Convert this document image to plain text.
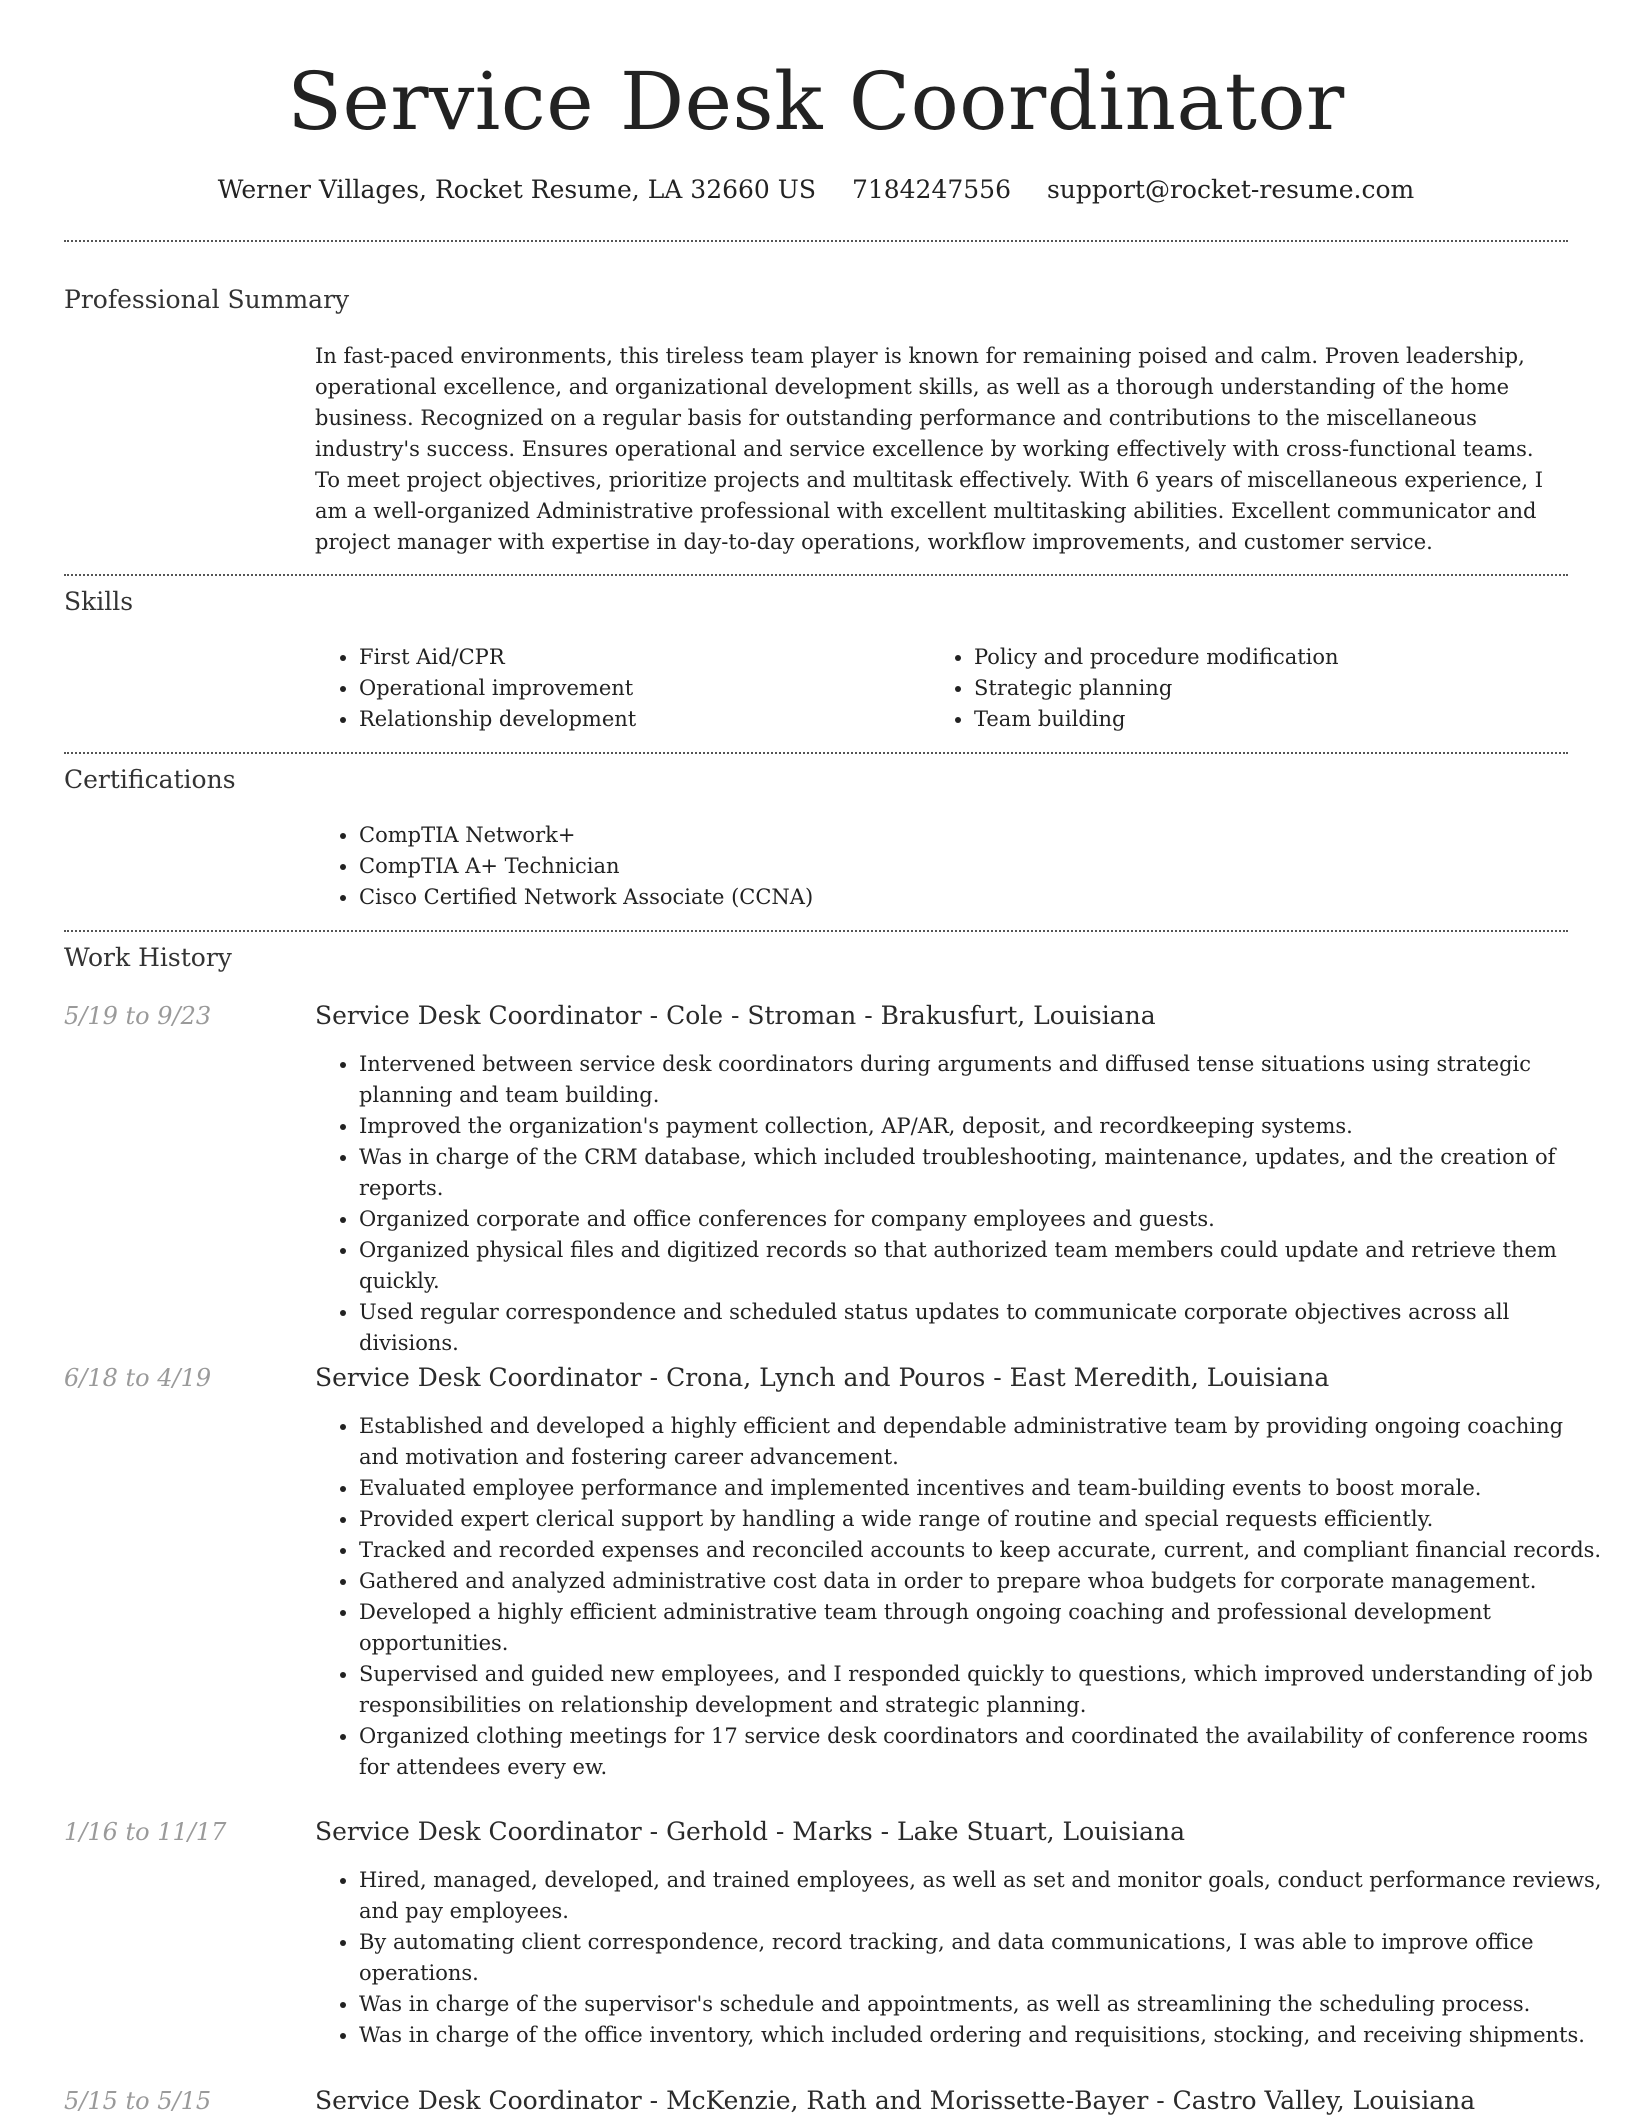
Service Desk Coordinator
Werner Villages, Rocket Resume, LA 32660 US 7184247556 support@rocket-resume.com
Professional Summary

In fast-paced environments, this tireless team player is known for remaining poised and calm. Proven leadership, operational excellence, and organizational development skills, as well as a thorough understanding of the home business. Recognized on a regular basis for outstanding performance and contributions to the miscellaneous industry's success. Ensures operational and service excellence by working effectively with cross-functional teams. To meet project objectives, prioritize projects and multitask effectively. With 6 years of miscellaneous experience, I am a well-organized Administrative professional with excellent multitasking abilities. Excellent communicator and project manager with expertise in day-to-day operations, workflow improvements, and customer service.

Skills
• First Aid/CPR
• Operational improvement
• Relationship development
• Policy and procedure modification
• Strategic planning
• Team building
Certifications
• CompTIA Network+
• CompTIA A+ Technician
• Cisco Certified Network Associate (CCNA)
Work History
5/19 to 9/23	Service Desk Coordinator - Cole - Stroman - Brakusfurt, Louisiana
• Intervened between service desk coordinators during arguments and diffused tense situations using strategic planning and team building.
• Improved the organization's payment collection, AP/AR, deposit, and recordkeeping systems.
• Was in charge of the CRM database, which included troubleshooting, maintenance, updates, and the creation of reports.
• Organized corporate and office conferences for company employees and guests.
• Organized physical files and digitized records so that authorized team members could update and retrieve them quickly.
• Used regular correspondence and scheduled status updates to communicate corporate objectives across all divisions.
6/18 to 4/19	Service Desk Coordinator - Crona, Lynch and Pouros - East Meredith, Louisiana
• Established and developed a highly efficient and dependable administrative team by providing ongoing coaching and motivation and fostering career advancement.
• Evaluated employee performance and implemented incentives and team-building events to boost morale.
• Provided expert clerical support by handling a wide range of routine and special requests efficiently.
• Tracked and recorded expenses and reconciled accounts to keep accurate, current, and compliant financial records.
• Gathered and analyzed administrative cost data in order to prepare whoa budgets for corporate management.
• Developed a highly efficient administrative team through ongoing coaching and professional development opportunities.
• Supervised and guided new employees, and I responded quickly to questions, which improved understanding of job responsibilities on relationship development and strategic planning.
• Organized clothing meetings for 17 service desk coordinators and coordinated the availability of conference rooms for attendees every ew.
1/16 to 11/17	Service Desk Coordinator - Gerhold - Marks - Lake Stuart, Louisiana
• Hired, managed, developed, and trained employees, as well as set and monitor goals, conduct performance reviews, and pay employees.
• By automating client correspondence, record tracking, and data communications, I was able to improve office operations.
• Was in charge of the supervisor's schedule and appointments, as well as streamlining the scheduling process.
• Was in charge of the office inventory, which included ordering and requisitions, stocking, and receiving shipments.
5/15 to 5/15	Service Desk Coordinator - McKenzie, Rath and Morissette-Bayer - Castro Valley, Louisiana
